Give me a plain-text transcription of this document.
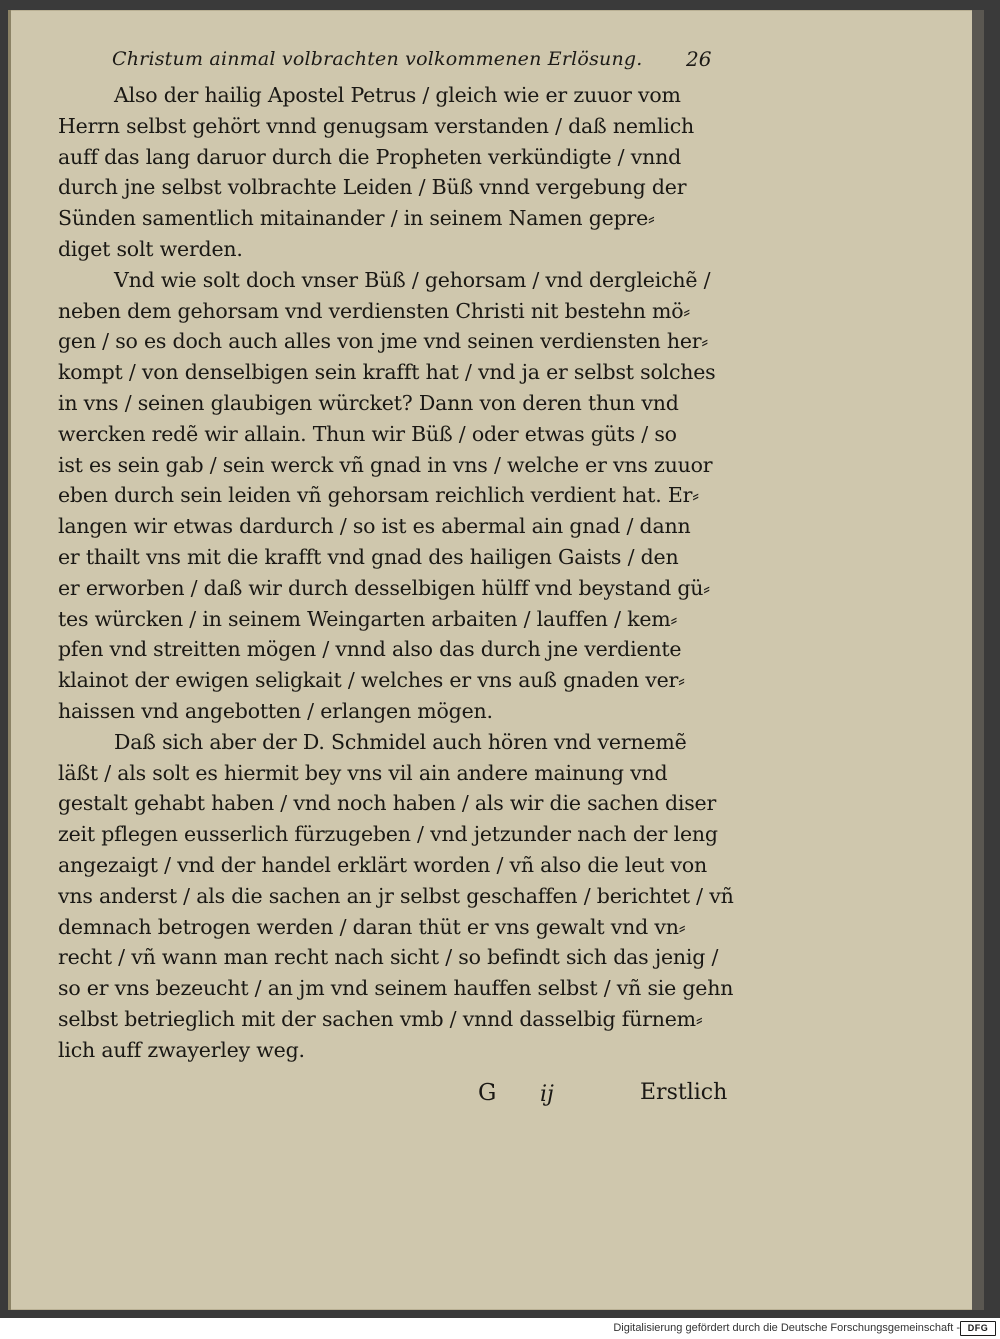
Christum ainmal volbrachten volkommenen Erlösung.	26
Also der hailig Apostel Petrus / gleich wie er zuuor vom
Herrn selbst gehört vnnd genugsam verstanden / daß nemlich
auff das lang daruor durch die Propheten verkündigte / vnnd
durch jne selbst volbrachte Leiden / Büß vnnd vergebung der
Sünden samentlich mitainander / in seinem Namen gepre⸗
diget solt werden.
Vnd wie solt doch vnser Büß / gehorsam / vnd dergleichẽ /
neben dem gehorsam vnd verdiensten Christi nit bestehn mö⸗
gen / so es doch auch alles von jme vnd seinen verdiensten her⸗
kompt / von denselbigen sein krafft hat / vnd ja er selbst solches
in vns / seinen glaubigen würcket? Dann von deren thun vnd
wercken redẽ wir allain. Thun wir Büß / oder etwas güts / so
ist es sein gab / sein werck vñ gnad in vns / welche er vns zuuor
eben durch sein leiden vñ gehorsam reichlich verdient hat. Er⸗
langen wir etwas dardurch / so ist es abermal ain gnad / dann
er thailt vns mit die krafft vnd gnad des hailigen Gaists / den
er erworben / daß wir durch desselbigen hülff vnd beystand gü⸗
tes würcken / in seinem Weingarten arbaiten / lauffen / kem⸗
pfen vnd streitten mögen / vnnd also das durch jne verdiente
klainot der ewigen seligkait / welches er vns auß gnaden ver⸗
haissen vnd angebotten / erlangen mögen.
Daß sich aber der D. Schmidel auch hören vnd vernemẽ
läßt / als solt es hiermit bey vns vil ain andere mainung vnd
gestalt gehabt haben / vnd noch haben / als wir die sachen diser
zeit pflegen eusserlich fürzugeben / vnd jetzunder nach der leng
angezaigt / vnd der handel erklärt worden / vñ also die leut von
vns anderst / als die sachen an jr selbst geschaffen / berichtet / vñ
demnach betrogen werden / daran thüt er vns gewalt vnd vn⸗
recht / vñ wann man recht nach sicht / so befindt sich das jenig /
so er vns bezeucht / an jm vnd seinem hauffen selbst / vñ sie gehn
selbst betrieglich mit der sachen vmb / vnnd dasselbig fürnem⸗
lich auff zwayerley weg.
G ij	Erstlich
Digitalisierung gefördert durch die Deutsche Forschungsgemeinschaft - DFG
